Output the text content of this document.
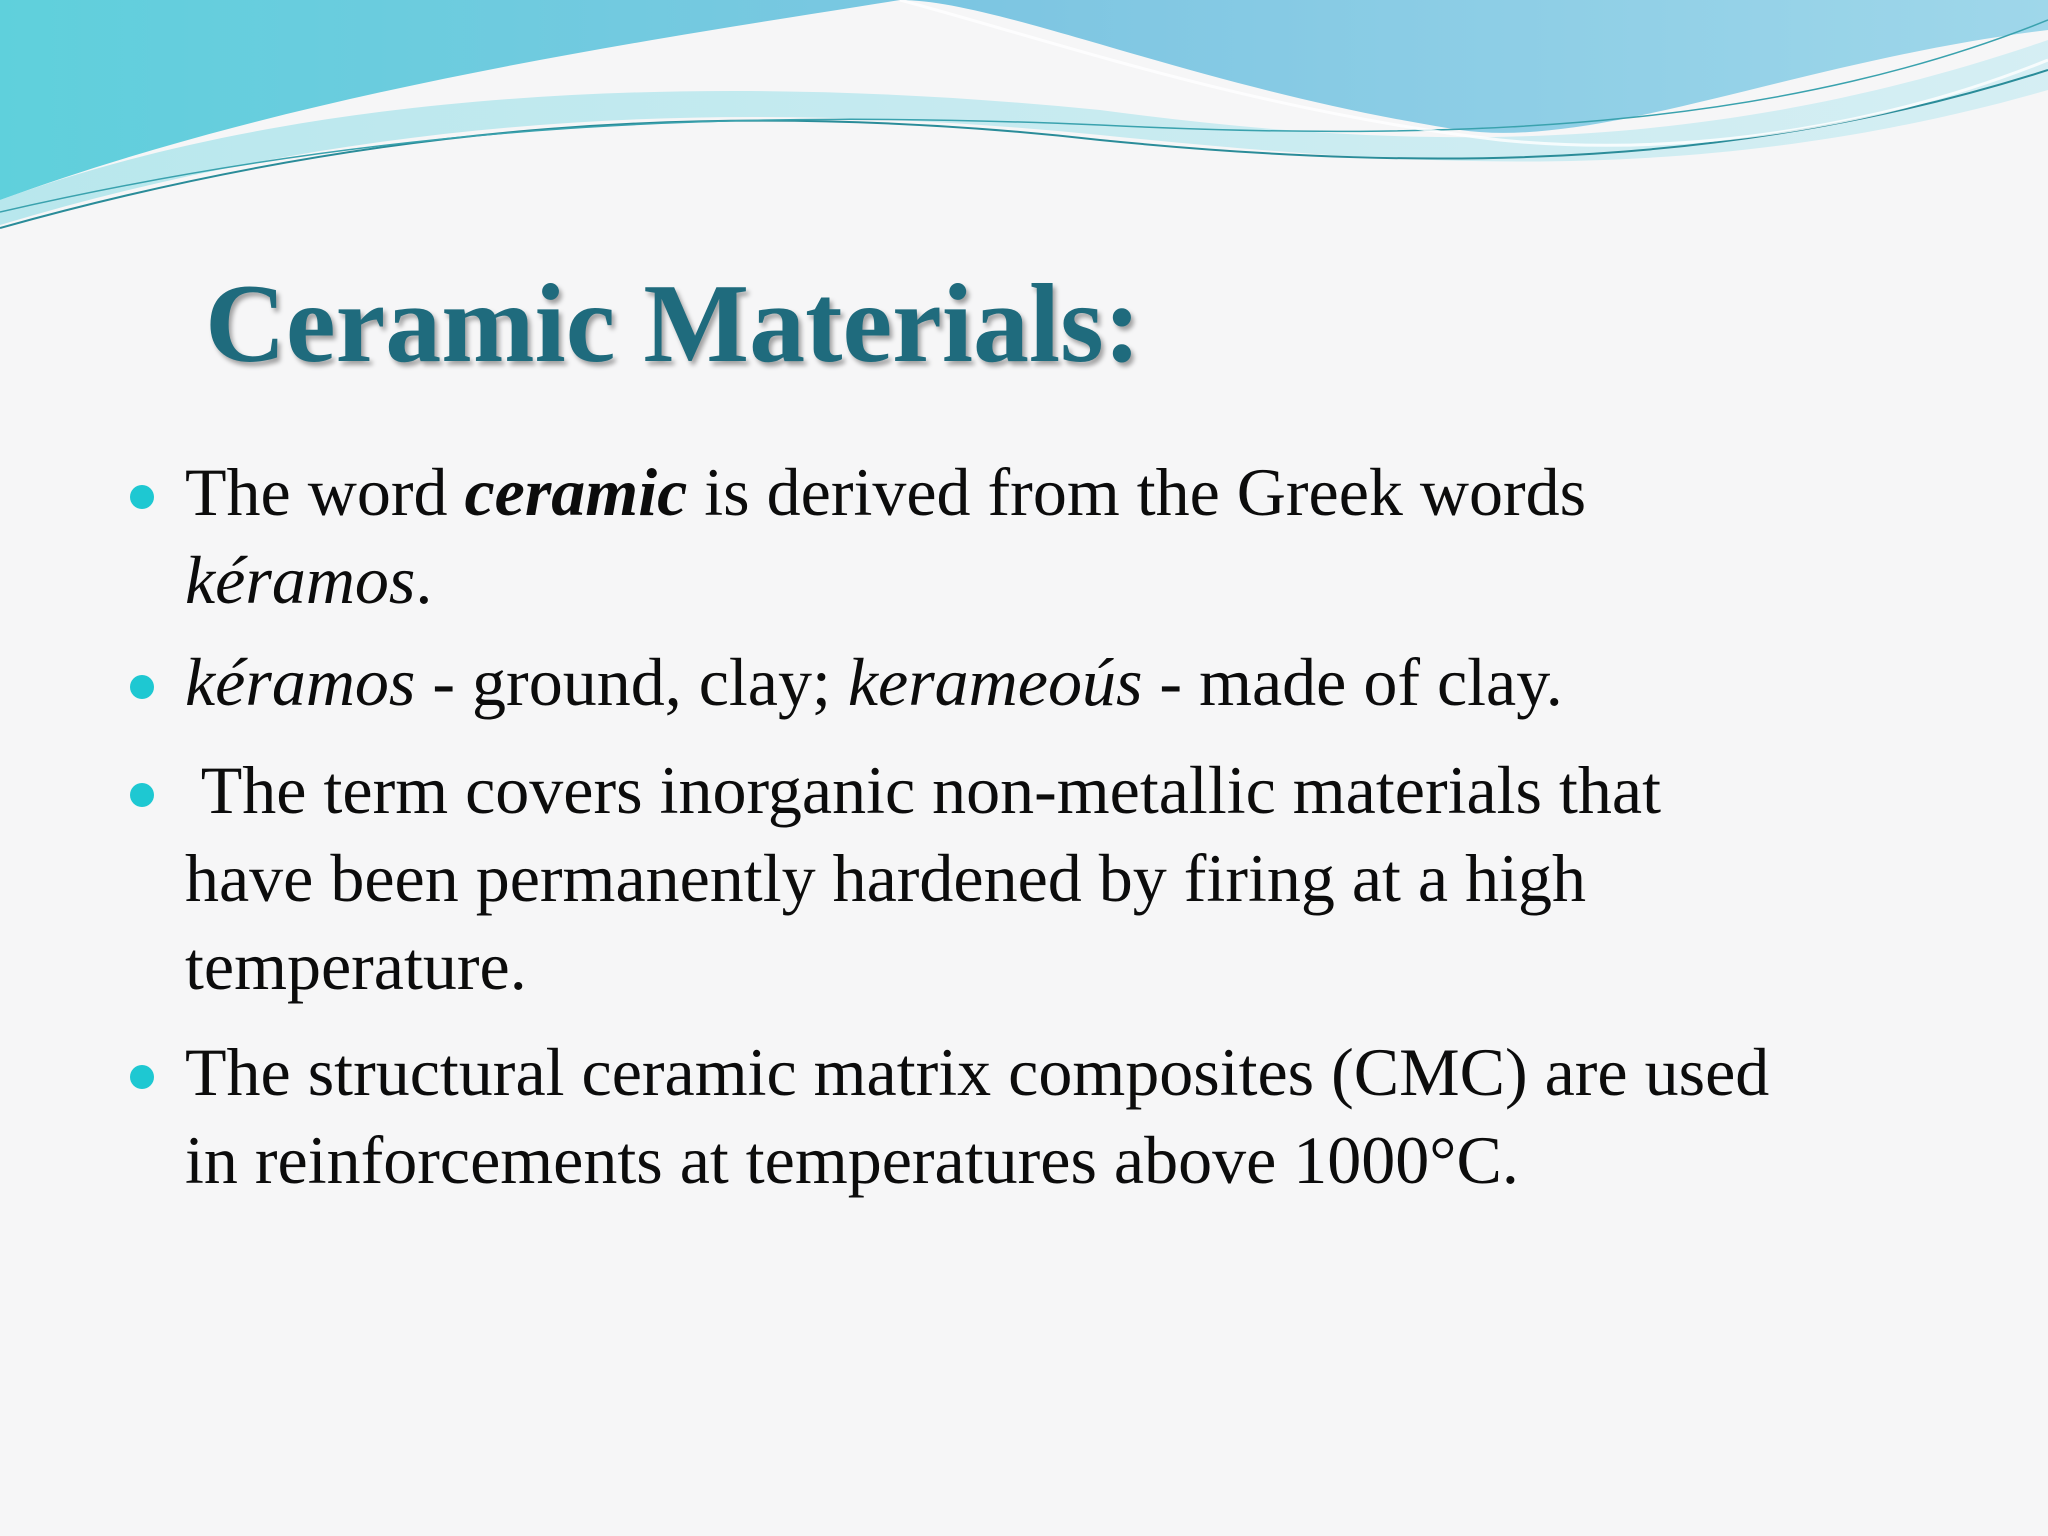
Ceramic Materials:
The word ceramic is derived from the Greek words
kéramos.
kéramos - ground, clay; kerameoús - made of clay.
The term covers inorganic non-metallic materials that
have been permanently hardened by firing at a high
temperature.
The structural ceramic matrix composites (CMC) are used
in reinforcements at temperatures above 1000°C.
